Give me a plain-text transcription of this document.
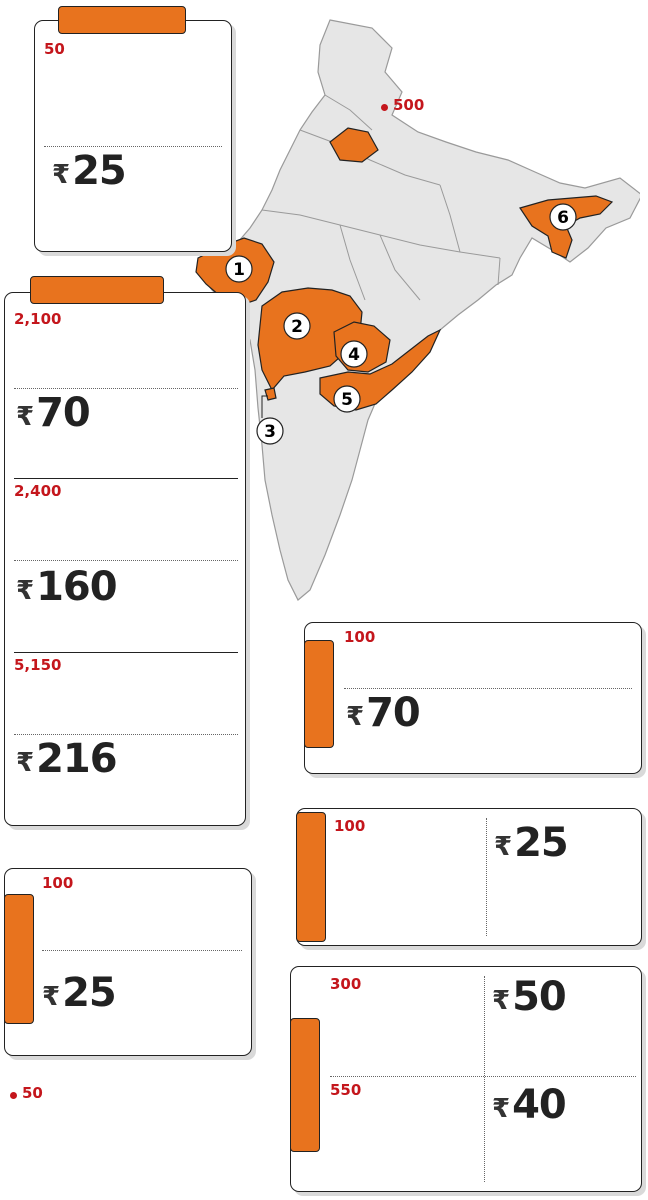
1
2
3
4
5
6
500
50
₹ 25
2,100
₹ 70
2,400
₹ 160
5,150
₹ 216
100
₹ 70
100
₹ 25
100
₹ 25	300
₹ 50
550
₹ 40
50
